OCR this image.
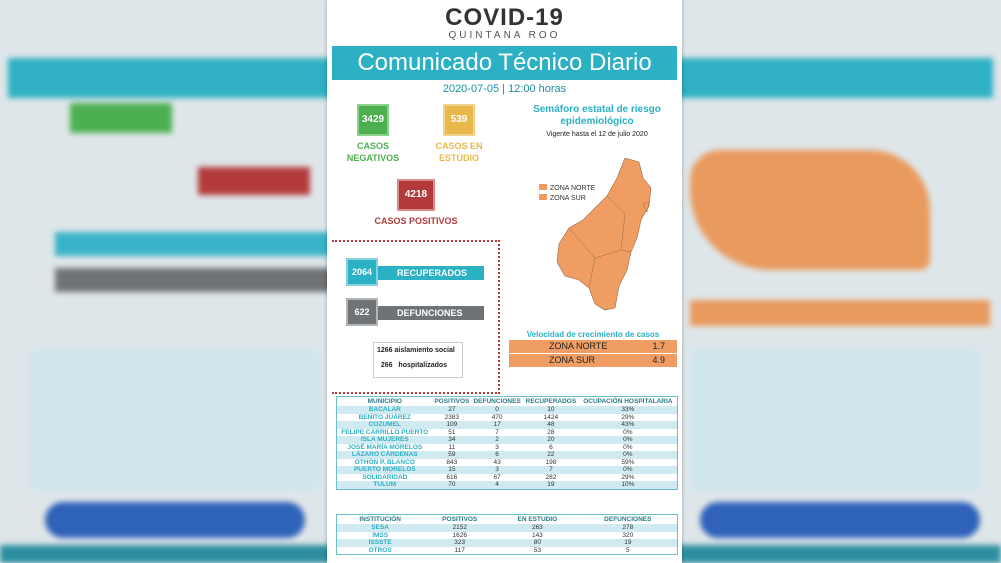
COVID-19
QUINTANA ROO
Comunicado Técnico Diario
2020-07-05 | 12:00 horas
3429
CASOS
NEGATIVOS
539
CASOS EN
ESTUDIO
4218
CASOS POSITIVOS
Semáforo estatal de riesgo epidemiológico
Vigente hasta el 12 de julio 2020
ZONA NORTE
ZONA SUR
RECUPERADOS
2064
DEFUNCIONES
622
1266 aislamiento social
266 hospitalizados
Velocidad de crecimiento de casos
ZONA NORTE	1.7
ZONA SUR	4.9
MUNICIPIO	POSITIVOS	DEFUNCIONES	RECUPERADOS	OCUPACIÓN HOSPITALARIA
BACALAR	27	0	10	33%
BENITO JUÁREZ	2383	470	1424	29%
COZUMEL	109	17	48	43%
FELIPE CARRILLO PUERTO	51	7	28	0%
ISLA MUJERES	34	2	20	0%
JOSÉ MARÍA MORELOS	11	3	6	0%
LÁZARO CÁRDENAS	59	6	22	0%
OTHÓN P. BLANCO	843	43	198	59%
PUERTO MORELOS	15	3	7	0%
SOLIDARIDAD	616	67	282	29%
TULUM	70	4	19	10%
INSTITUCIÓN	POSITIVOS	EN ESTUDIO	DEFUNCIONES
SESA	2152	263	278
IMSS	1626	143	320
ISSSTE	323	80	19
OTROS	117	53	5
